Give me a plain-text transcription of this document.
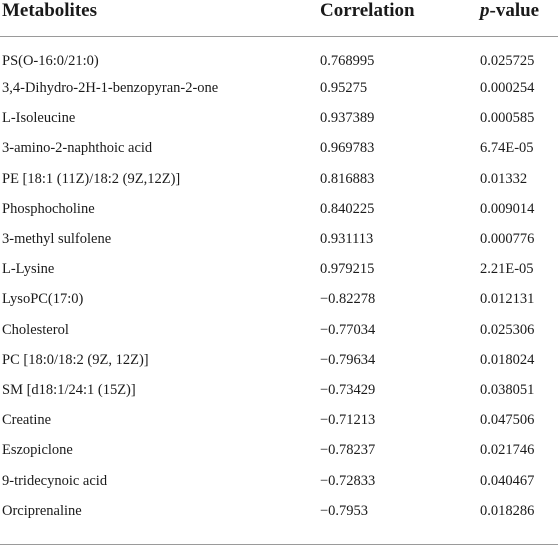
Metabolites	Correlation	p-value
PS(O-16:0/21:0)	0.768995	0.025725
3,4-Dihydro-2H-1-benzopyran-2-one	0.95275	0.000254
L-Isoleucine	0.937389	0.000585
3-amino-2-naphthoic acid	0.969783	6.74E-05
PE [18:1 (11Z)/18:2 (9Z,12Z)]	0.816883	0.01332
Phosphocholine	0.840225	0.009014
3-methyl sulfolene	0.931113	0.000776
L-Lysine	0.979215	2.21E-05
LysoPC(17:0)	−0.82278	0.012131
Cholesterol	−0.77034	0.025306
PC [18:0/18:2 (9Z, 12Z)]	−0.79634	0.018024
SM [d18:1/24:1 (15Z)]	−0.73429	0.038051
Creatine	−0.71213	0.047506
Eszopiclone	−0.78237	0.021746
9-tridecynoic acid	−0.72833	0.040467
Orciprenaline	−0.7953	0.018286
